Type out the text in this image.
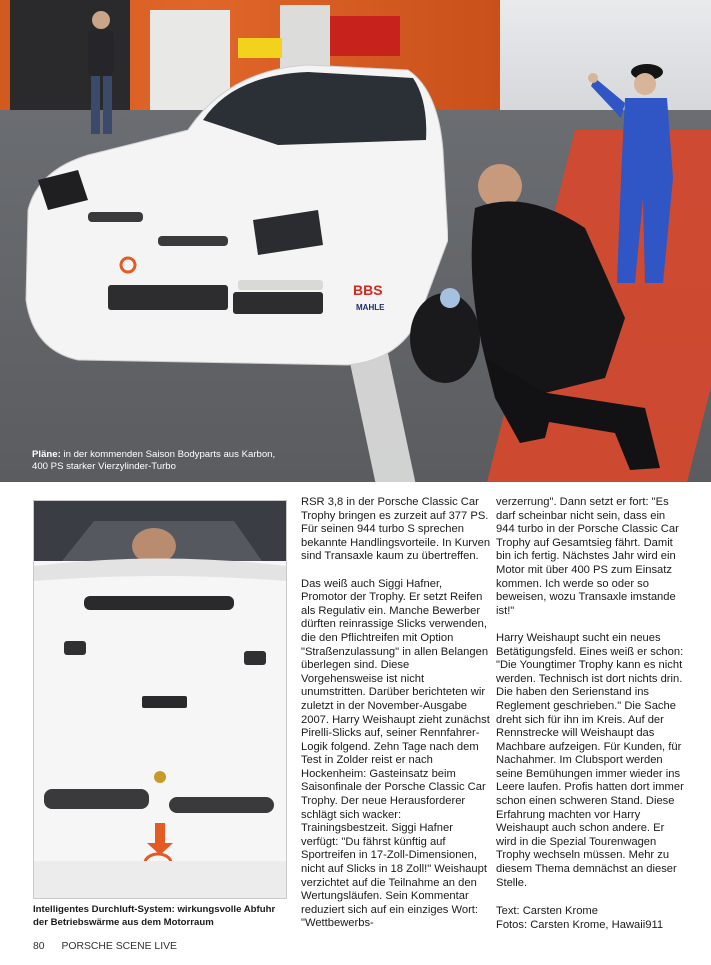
BBS
MAHLE
Pläne: in der kommenden Saison Bodyparts aus Karbon, 400 PS starker Vierzylinder-Turbo
Intelligentes Durchluft-System: wirkungsvolle Abfuhr der Betriebswärme aus dem Motorraum

RSR 3,8 in der Porsche Classic Car Trophy bringen es zurzeit auf 377 PS. Für seinen 944 turbo S sprechen bekannte Handlingsvorteile. In Kurven sind Transaxle kaum zu übertreffen.

Das weiß auch Siggi Hafner, Promotor der Trophy. Er setzt Reifen als Regulativ ein. Manche Bewerber dürften reinrassige Slicks verwenden, die den Pflichtreifen mit Option "Straßenzulassung" in allen Belangen überlegen sind. Diese Vorgehensweise ist nicht unumstritten. Darüber berichteten wir zuletzt in der November-Ausgabe 2007. Harry Weishaupt zieht zunächst Pirelli-Slicks auf, seiner Rennfahrer-Logik folgend. Zehn Tage nach dem Test in Zolder reist er nach Hockenheim: Gasteinsatz beim Saisonfinale der Porsche Classic Car Trophy. Der neue Herausforderer schlägt sich wacker: Trainingsbestzeit. Siggi Hafner verfügt: "Du fährst künftig auf Sportreifen in 17-Zoll-Dimensionen, nicht auf Slicks in 18 Zoll!" Weishaupt verzichtet auf die Teilnahme an den Wertungsläufen. Sein Kommentar reduziert sich auf ein einziges Wort: "Wettbewerbs-

verzerrung". Dann setzt er fort: "Es darf scheinbar nicht sein, dass ein 944 turbo in der Porsche Classic Car Trophy auf Gesamtsieg fährt. Damit bin ich fertig. Nächstes Jahr wird ein Motor mit über 400 PS zum Einsatz kommen. Ich werde so oder so beweisen, wozu Transaxle imstande ist!"

Harry Weishaupt sucht ein neues Betätigungsfeld. Eines weiß er schon: "Die Youngtimer Trophy kann es nicht werden. Technisch ist dort nichts drin. Die haben den Serienstand ins Reglement geschrieben." Die Sache dreht sich für ihn im Kreis. Auf der Rennstrecke will Weishaupt das Machbare aufzeigen. Für Kunden, für Nachahmer. Im Clubsport werden seine Bemühungen immer wieder ins Leere laufen. Profis hatten dort immer schon einen schweren Stand. Diese Erfahrung machten vor Harry Weishaupt auch schon andere. Er wird in die Spezial Tourenwagen Trophy wechseln müssen. Mehr zu diesem Thema demnächst an dieser Stelle.

Text: Carsten Krome
Fotos: Carsten Krome, Hawaii911
80 PORSCHE SCENE LIVE
